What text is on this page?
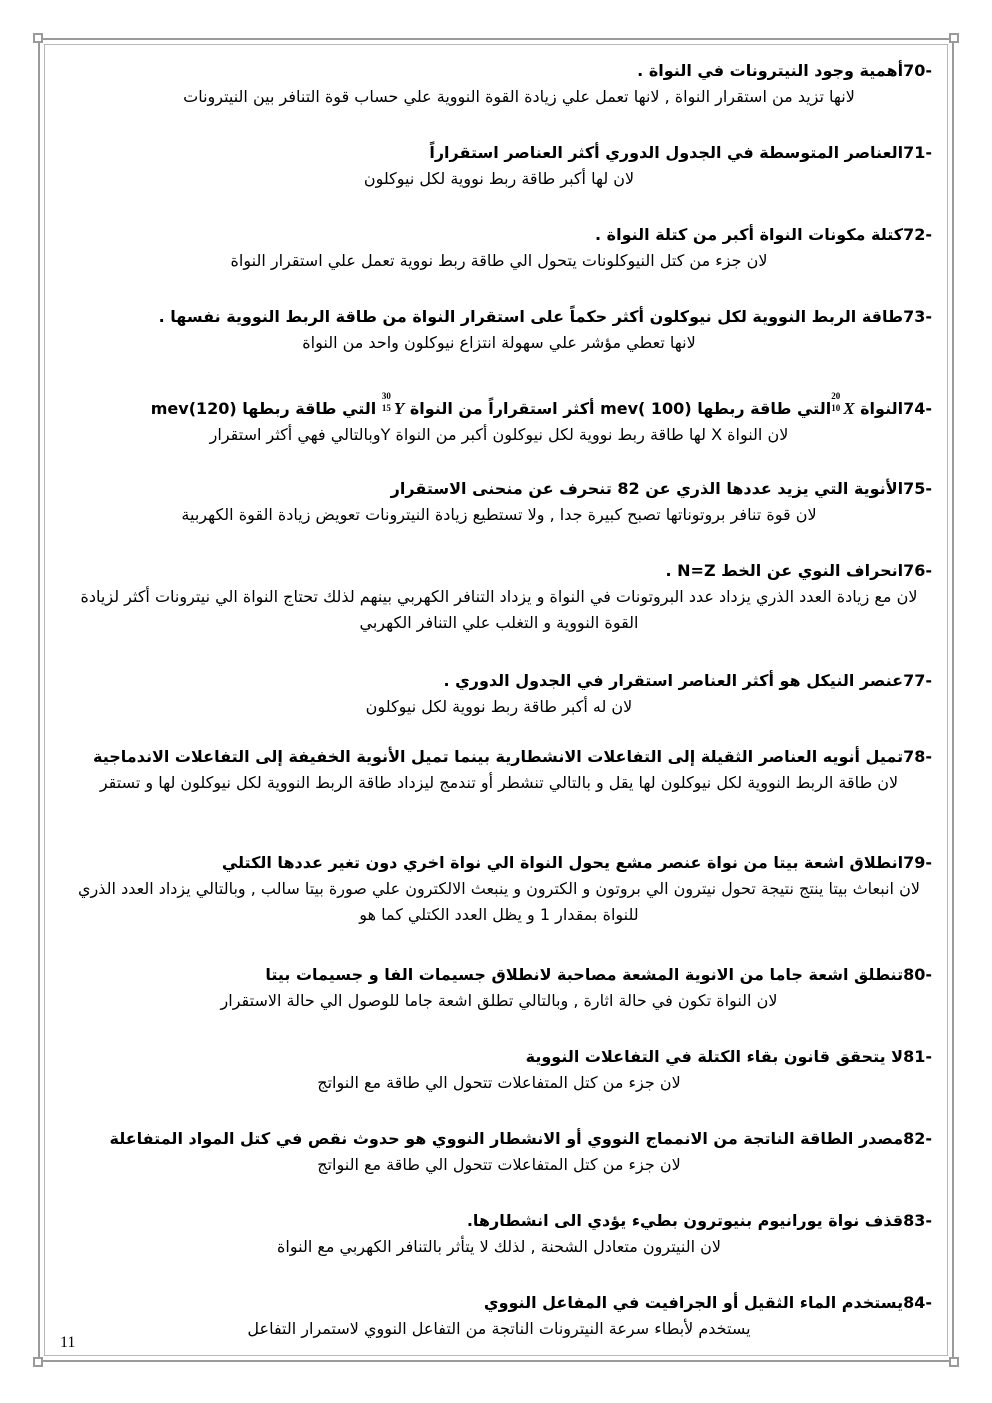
70-أهمية وجود النيترونات في النواة .

لانها تزيد من استقرار النواة , لانها تعمل علي زيادة القوة النووية علي حساب قوة التنافر بين النيترونات

71-العناصر المتوسطة في الجدول الدوري أكثر العناصر استقراراً

لان لها أكبر طاقة ربط نووية لكل نيوكلون

72-كتلة مكونات النواة أكبر من كتلة النواة .

لان جزء من كتل النيوكلونات يتحول الي طاقة ربط نووية تعمل علي استقرار النواة

73-طاقة الربط النووية لكل نيوكلون أكثر حكماً على استقرار النواة من طاقة الربط النووية نفسها .

لانها تعطي مؤشر علي سهولة انتزاع نيوكلون واحد من النواة

74-النواة
20
10 Xالتي طاقة ربطها mev( 100) أكثر استقراراً من النواة
30
15 Y التي طاقة ربطها mev(120)

لان النواة X لها طاقة ربط نووية لكل نيوكلون أكبر من النواة Yوبالتالي فهي أكثر استقرار

75-الأنوية التي يزيد عددها الذري عن 82 تنحرف عن منحنى الاستقرار

لان قوة تنافر بروتوناتها تصبح كبيرة جدا , ولا تستطيع زيادة النيترونات تعويض زيادة القوة الكهربية

76-انحراف النوي عن الخط N=Z .

لان مع زيادة العدد الذري يزداد عدد البروتونات في النواة و يزداد التنافر الكهربي بينهم لذلك تحتاج النواة الي نيترونات أكثر لزيادة القوة النووية و التغلب علي التنافر الكهربي

77-عنصر النيكل هو أكثر العناصر استقرار في الجدول الدوري .

لان له أكبر طاقة ربط نووية لكل نيوكلون

78-تميل أنويه العناصر الثقيلة إلى التفاعلات الانشطارية بينما تميل الأنوية الخفيفة إلى التفاعلات الاندماجية

لان طاقة الربط النووية لكل نيوكلون لها يقل و بالتالي تنشطر أو تندمج ليزداد طاقة الربط النووية لكل نيوكلون لها و تستقر

79-انطلاق اشعة بيتا من نواة عنصر مشع يحول النواة الي نواة اخري دون تغير عددها الكتلي

لان انبعاث بيتا ينتج نتيجة تحول نيترون الي بروتون و الكترون و ينبعث الالكترون علي صورة بيتا سالب , وبالتالي يزداد العدد الذري للنواة بمقدار 1 و يظل العدد الكتلي كما هو

80-تنطلق اشعة جاما من الانوية المشعة مصاحبة لانطلاق جسيمات الفا و جسيمات بيتا

لان النواة تكون في حالة اثارة , وبالتالي تطلق اشعة جاما للوصول الي حالة الاستقرار

81-لا يتحقق قانون بقاء الكتلة في التفاعلات النووية

لان جزء من كتل المتفاعلات تتحول الي طاقة مع النواتج

82-مصدر الطاقة الناتجة من الانمماج النووي أو الانشطار النووي هو حدوث نقص في كتل المواد المتفاعلة

لان جزء من كتل المتفاعلات تتحول الي طاقة مع النواتج

83-قذف نواة يورانيوم بنيوترون بطيء يؤدي الى انشطارها.

لان النيترون متعادل الشحنة , لذلك لا يتأثر بالتنافر الكهربي مع النواة

84-يستخدم الماء الثقيل أو الجرافيت في المفاعل النووي

يستخدم لأبطاء سرعة النيترونات الناتجة من التفاعل النووي لاستمرار التفاعل

11
